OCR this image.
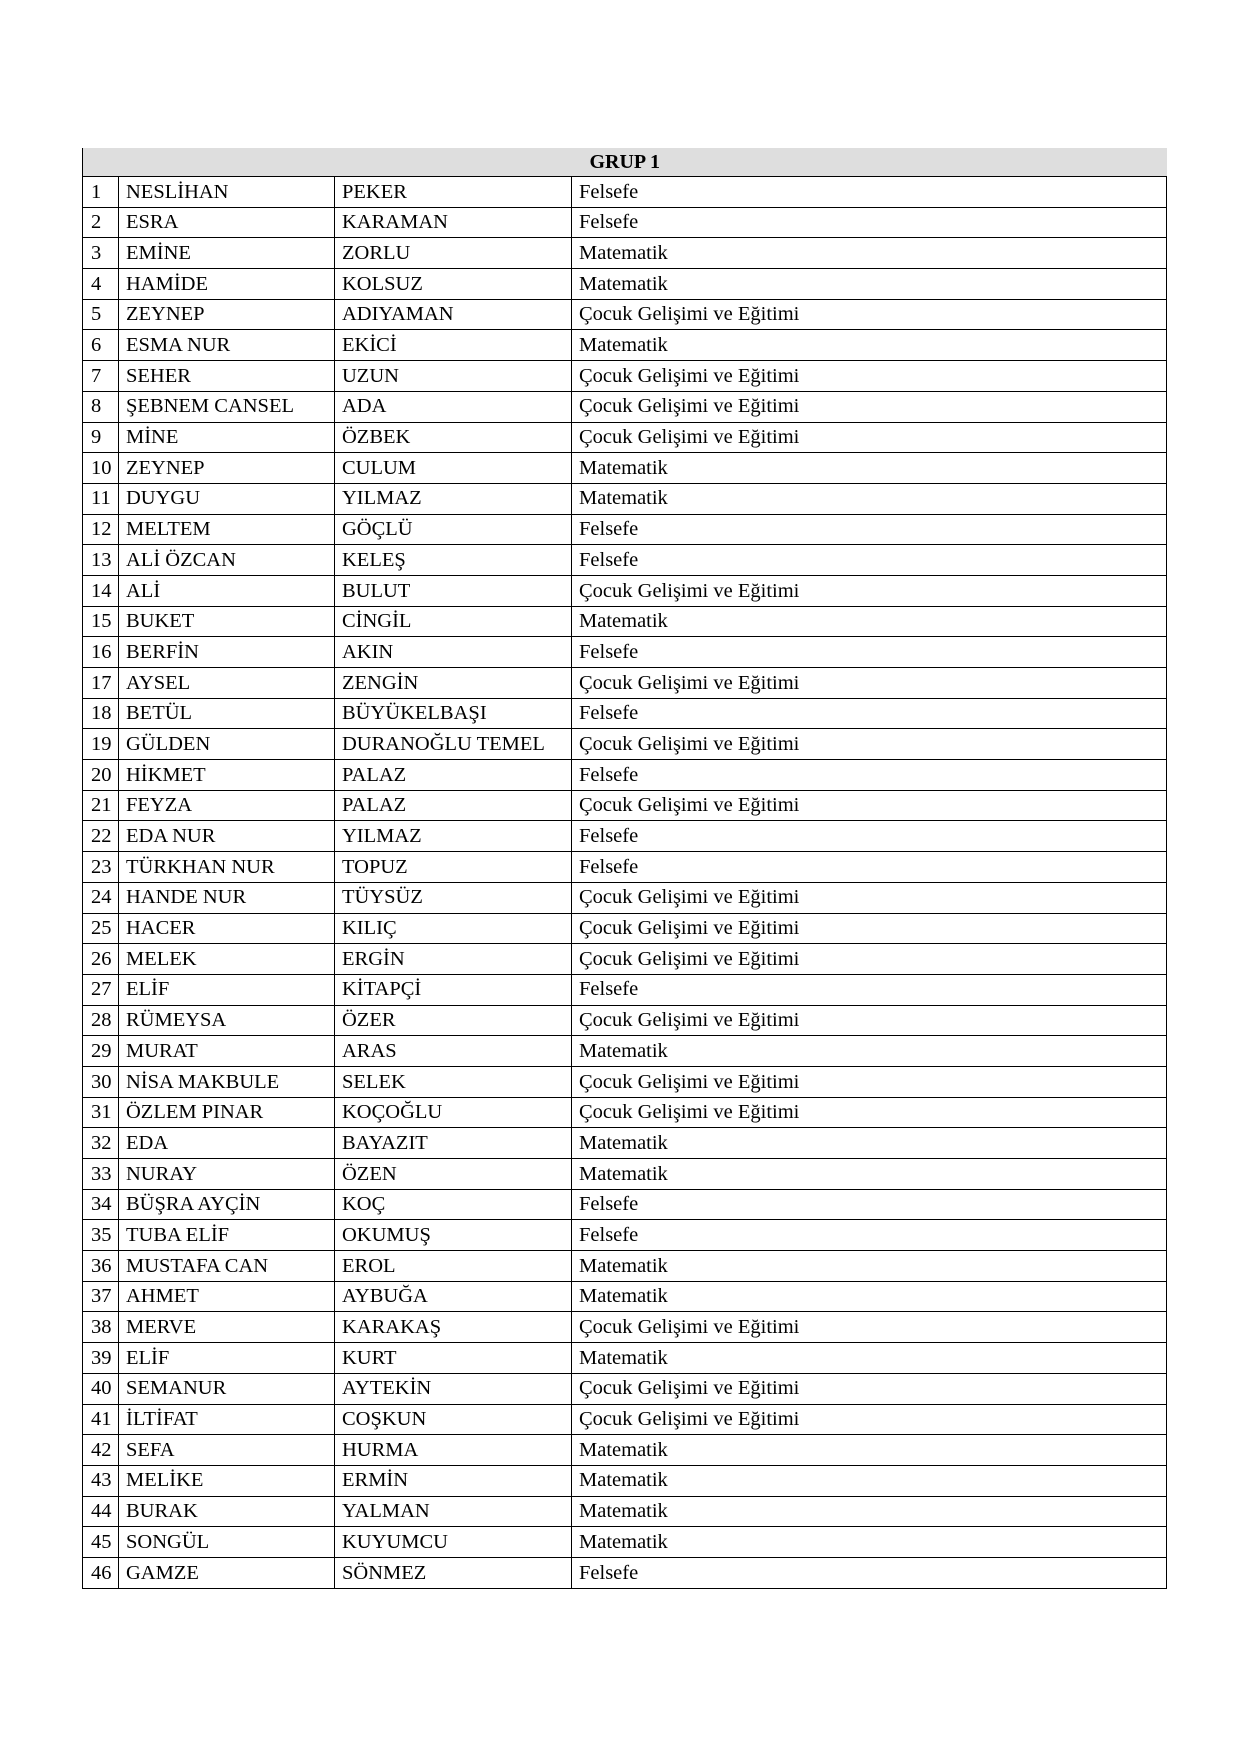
GRUP 1			
1	NESLİHAN	PEKER	Felsefe
2	ESRA	KARAMAN	Felsefe
3	EMİNE	ZORLU	Matematik
4	HAMİDE	KOLSUZ	Matematik
5	ZEYNEP	ADIYAMAN	Çocuk Gelişimi ve Eğitimi
6	ESMA NUR	EKİCİ	Matematik
7	SEHER	UZUN	Çocuk Gelişimi ve Eğitimi
8	ŞEBNEM CANSEL	ADA	Çocuk Gelişimi ve Eğitimi
9	MİNE	ÖZBEK	Çocuk Gelişimi ve Eğitimi
10	ZEYNEP	CULUM	Matematik
11	DUYGU	YILMAZ	Matematik
12	MELTEM	GÖÇLÜ	Felsefe
13	ALİ ÖZCAN	KELEŞ	Felsefe
14	ALİ	BULUT	Çocuk Gelişimi ve Eğitimi
15	BUKET	CİNGİL	Matematik
16	BERFİN	AKIN	Felsefe
17	AYSEL	ZENGİN	Çocuk Gelişimi ve Eğitimi
18	BETÜL	BÜYÜKELBAŞI	Felsefe
19	GÜLDEN	DURANOĞLU TEMEL	Çocuk Gelişimi ve Eğitimi
20	HİKMET	PALAZ	Felsefe
21	FEYZA	PALAZ	Çocuk Gelişimi ve Eğitimi
22	EDA NUR	YILMAZ	Felsefe
23	TÜRKHAN NUR	TOPUZ	Felsefe
24	HANDE NUR	TÜYSÜZ	Çocuk Gelişimi ve Eğitimi
25	HACER	KILIÇ	Çocuk Gelişimi ve Eğitimi
26	MELEK	ERGİN	Çocuk Gelişimi ve Eğitimi
27	ELİF	KİTAPÇİ	Felsefe
28	RÜMEYSA	ÖZER	Çocuk Gelişimi ve Eğitimi
29	MURAT	ARAS	Matematik
30	NİSA MAKBULE	SELEK	Çocuk Gelişimi ve Eğitimi
31	ÖZLEM PINAR	KOÇOĞLU	Çocuk Gelişimi ve Eğitimi
32	EDA	BAYAZIT	Matematik
33	NURAY	ÖZEN	Matematik
34	BÜŞRA AYÇİN	KOÇ	Felsefe
35	TUBA ELİF	OKUMUŞ	Felsefe
36	MUSTAFA CAN	EROL	Matematik
37	AHMET	AYBUĞA	Matematik
38	MERVE	KARAKAŞ	Çocuk Gelişimi ve Eğitimi
39	ELİF	KURT	Matematik
40	SEMANUR	AYTEKİN	Çocuk Gelişimi ve Eğitimi
41	İLTİFAT	COŞKUN	Çocuk Gelişimi ve Eğitimi
42	SEFA	HURMA	Matematik
43	MELİKE	ERMİN	Matematik
44	BURAK	YALMAN	Matematik
45	SONGÜL	KUYUMCU	Matematik
46	GAMZE	SÖNMEZ	Felsefe
